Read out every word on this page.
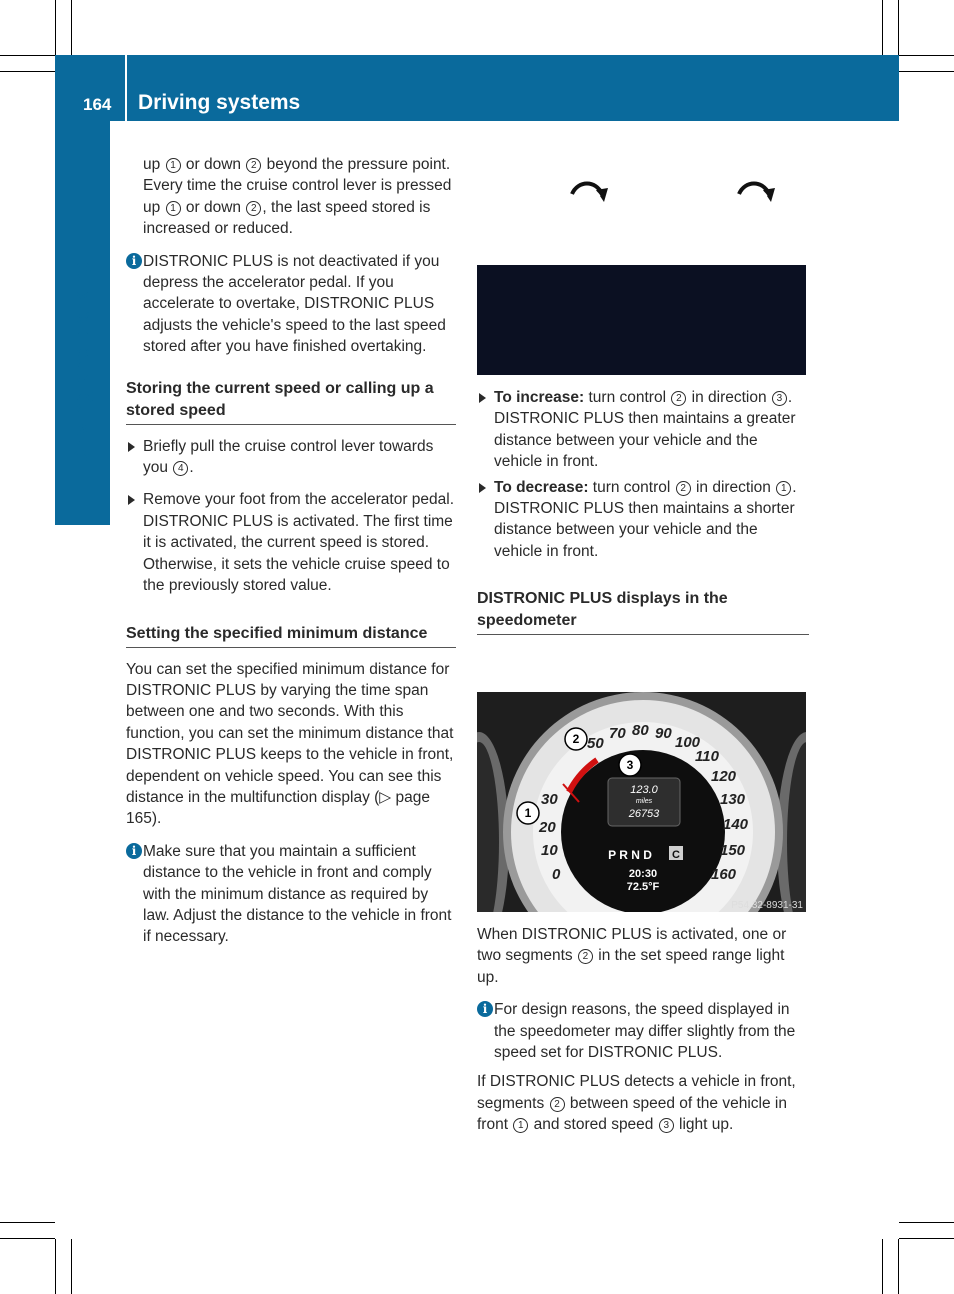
164 Driving systems
Driving and parking

up 1 or down 2 beyond the pressure point.

Every time the cruise control lever is pressed up 1 or down 2 , the last speed stored is increased or reduced.

i DISTRONIC PLUS is not deactivated if you depress the accelerator pedal. If you accelerate to overtake, DISTRONIC PLUS adjusts the vehicle's speed to the last speed stored after you have finished overtaking.

Storing the current speed or calling up a stored speed

Briefly pull the cruise control lever towards you 4 .

Remove your foot from the accelerator pedal.

DISTRONIC PLUS is activated. The first time it is activated, the current speed is stored. Otherwise, it sets the vehicle cruise speed to the previously stored value.

Setting the specified minimum distance

You can set the specified minimum distance for DISTRONIC PLUS by varying the time span between one and two seconds. With this function, you can set the minimum distance that DISTRONIC PLUS keeps to the vehicle in front, dependent on vehicle speed. You can see this distance in the multifunction display (▷ page 165).

i Make sure that you maintain a sufficient distance to the vehicle in front and comply with the minimum distance as required by law. Adjust the distance to the vehicle in front if necessary.

To increase: turn control 2 in direction 3 .

DISTRONIC PLUS then maintains a greater distance between your vehicle and the vehicle in front.

To decrease: turn control 2 in direction 1 .

DISTRONIC PLUS then maintains a shorter distance between your vehicle and the vehicle in front.

DISTRONIC PLUS displays in the speedometer
20
30
50
70 80 90
100
110
120
130
140
150
160
10
0
123.0
miles
26753
P R N D C
20:30
72.5°F
1
2
3
P54.32-8931-31

When DISTRONIC PLUS is activated, one or two segments 2 in the set speed range light up.

i For design reasons, the speed displayed in the speedometer may differ slightly from the speed set for DISTRONIC PLUS.

If DISTRONIC PLUS detects a vehicle in front, segments 2 between speed of the vehicle in front 1 and stored speed 3 light up.
